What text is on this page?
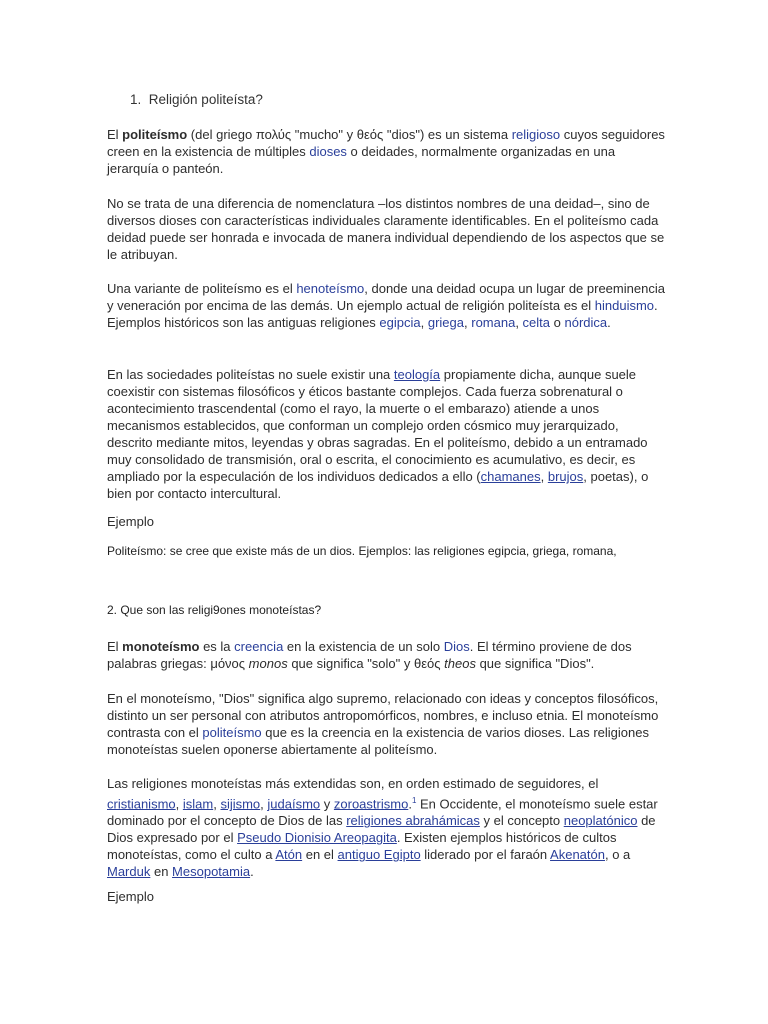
1. Religión politeísta?
El politeísmo (del griego πολύς "mucho" y θεός "dios") es un sistema religioso cuyos seguidores creen en la existencia de múltiples dioses o deidades, normalmente organizadas en una jerarquía o panteón.
No se trata de una diferencia de nomenclatura –los distintos nombres de una deidad–, sino de diversos dioses con características individuales claramente identificables. En el politeísmo cada deidad puede ser honrada e invocada de manera individual dependiendo de los aspectos que se le atribuyan.
Una variante de politeísmo es el henoteísmo, donde una deidad ocupa un lugar de preeminencia y veneración por encima de las demás. Un ejemplo actual de religión politeísta es el hinduismo. Ejemplos históricos son las antiguas religiones egipcia, griega, romana, celta o nórdica.
En las sociedades politeístas no suele existir una teología propiamente dicha, aunque suele coexistir con sistemas filosóficos y éticos bastante complejos. Cada fuerza sobrenatural o acontecimiento trascendental (como el rayo, la muerte o el embarazo) atiende a unos mecanismos establecidos, que conforman un complejo orden cósmico muy jerarquizado, descrito mediante mitos, leyendas y obras sagradas. En el politeísmo, debido a un entramado muy consolidado de transmisión, oral o escrita, el conocimiento es acumulativo, es decir, es ampliado por la especulación de los individuos dedicados a ello (chamanes, brujos, poetas), o bien por contacto intercultural.
Ejemplo
Politeísmo: se cree que existe más de un dios. Ejemplos: las religiones egipcia, griega, romana,
2. Que son las religi9ones monoteístas?
El monoteísmo es la creencia en la existencia de un solo Dios. El término proviene de dos palabras griegas: μόνος monos que significa "solo" y θεός theos que significa "Dios".
En el monoteísmo, "Dios" significa algo supremo, relacionado con ideas y conceptos filosóficos, distinto un ser personal con atributos antropomórficos, nombres, e incluso etnia. El monoteísmo contrasta con el politeísmo que es la creencia en la existencia de varios dioses. Las religiones monoteístas suelen oponerse abiertamente al politeísmo.
Las religiones monoteístas más extendidas son, en orden estimado de seguidores, el cristianismo, islam, sijismo, judaísmo y zoroastrismo.$^1$ En Occidente, el monoteísmo suele estar dominado por el concepto de Dios de las religiones abrahámicas y el concepto neoplatónico de Dios expresado por el Pseudo Dionisio Areopagita. Existen ejemplos históricos de cultos monoteístas, como el culto a Atón en el antiguo Egipto liderado por el faraón Akenatón, o a Marduk en Mesopotamia.
Ejemplo
